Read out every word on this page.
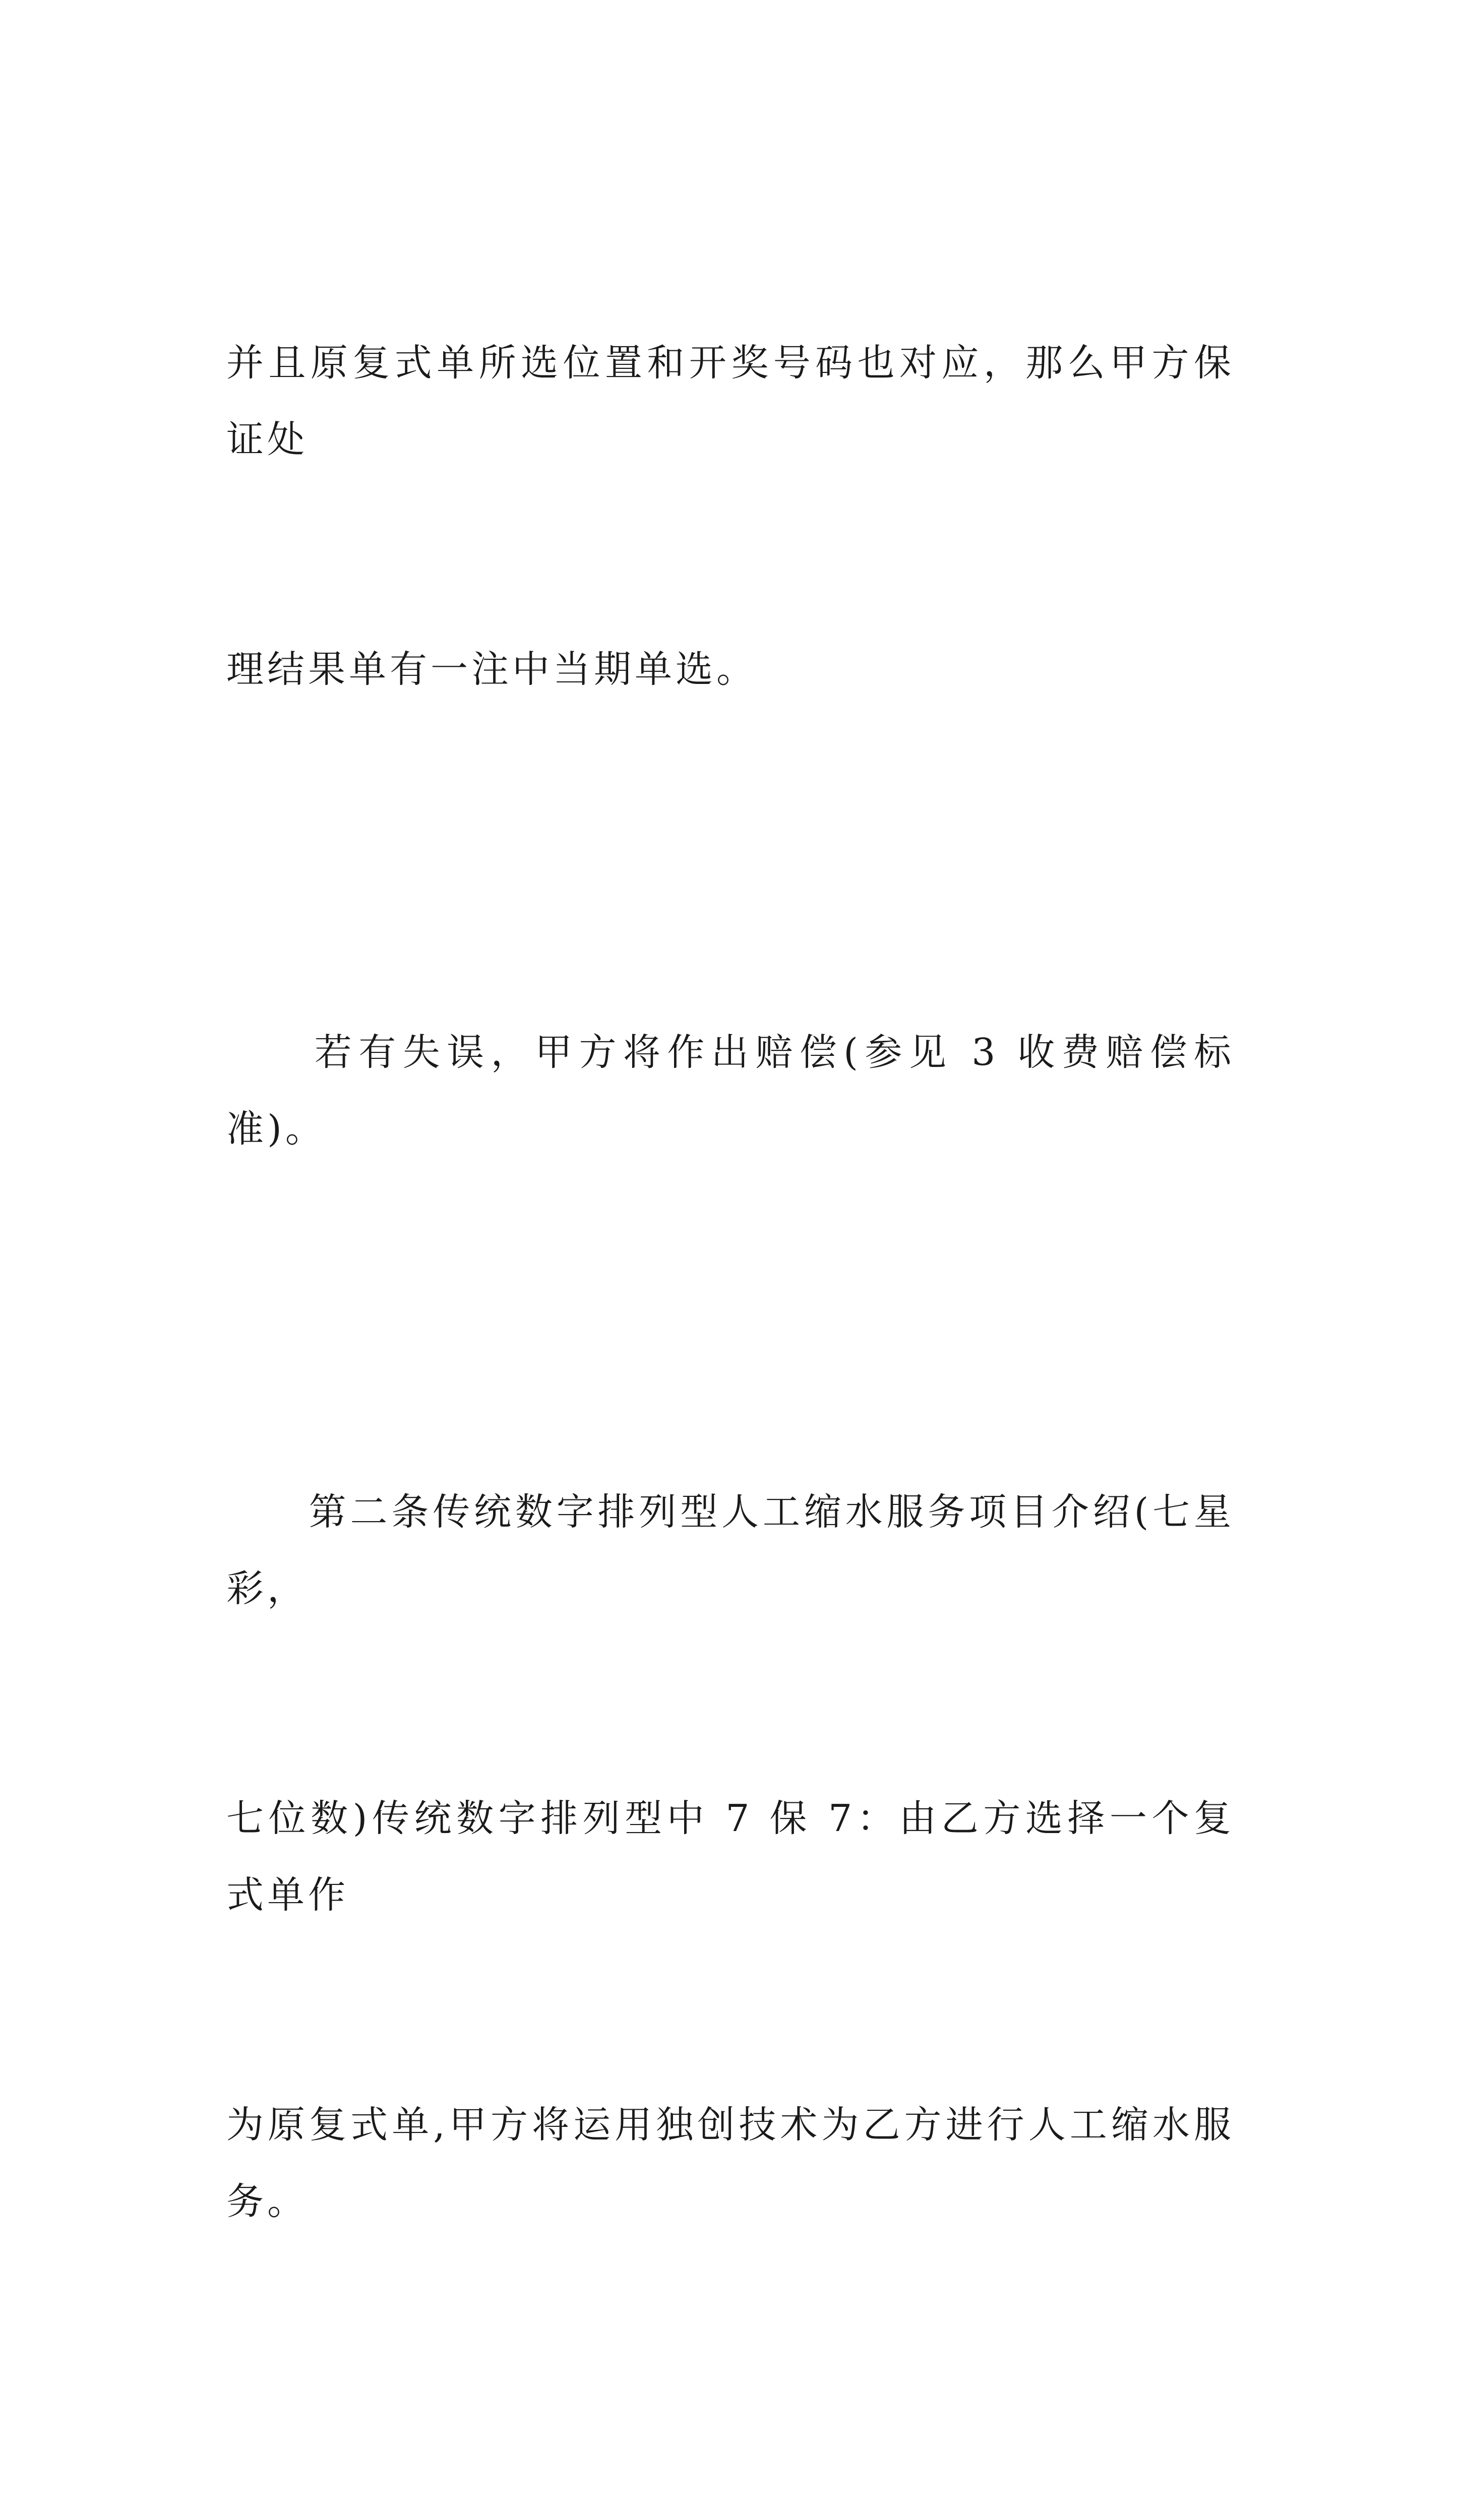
并且原复式单所选位置和开奖号码也对应，那么甲方保证处

理结果单有一注中当期单选。

　　若有失误，甲方将作出赔偿(参见 3 收费赔偿标准)。

　　第二条传统数字排列型人工缩水服务项目介绍(七星彩，

七位数)传统数字排列型中 7 保 7：由乙方选择一个复式单作

为原复式单,甲方将运用独创技术为乙方进行人工缩水服务。
